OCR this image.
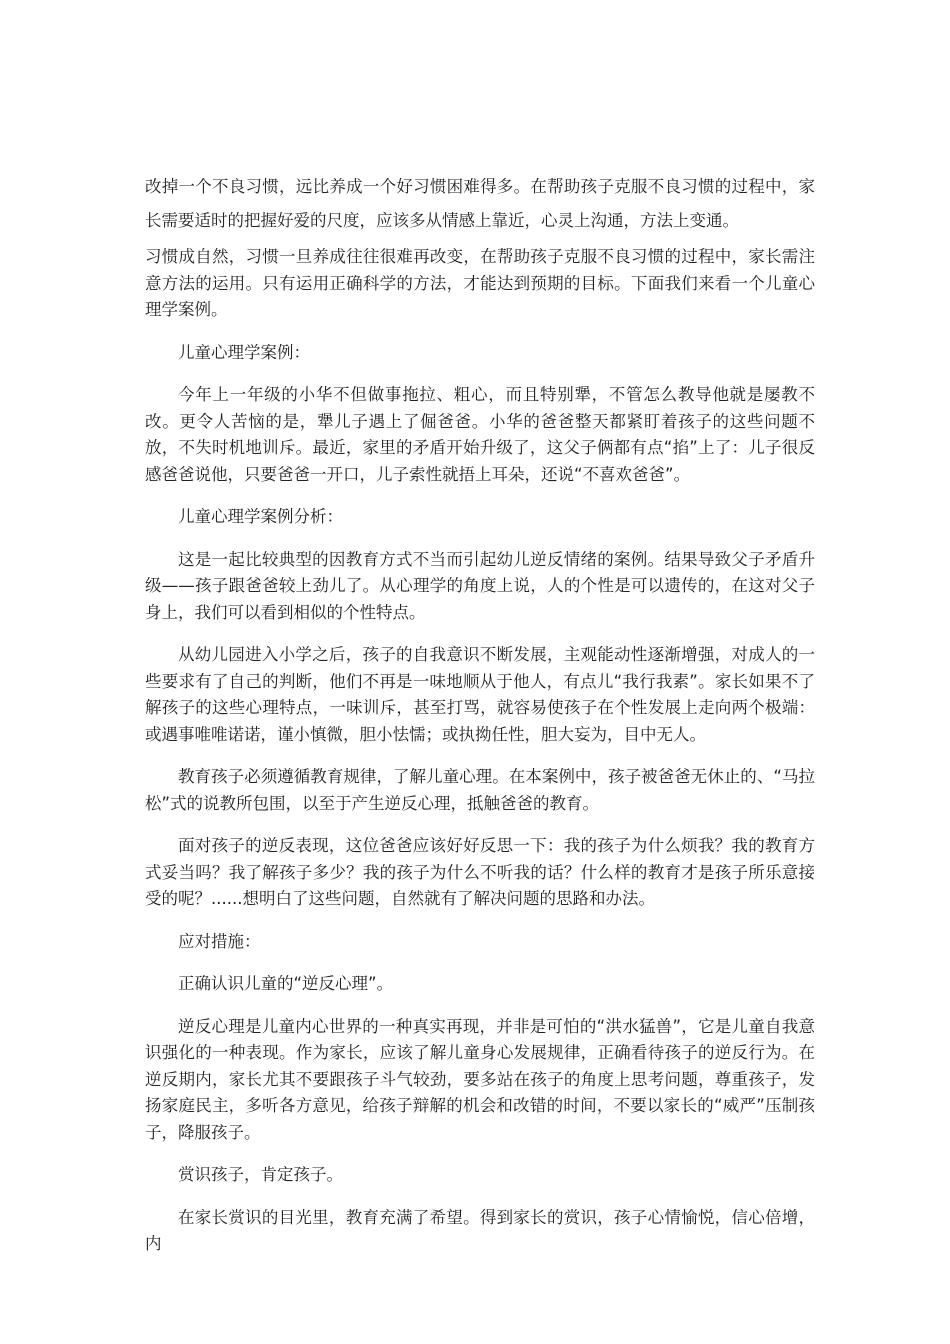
改掉一个不良习惯，远比养成一个好习惯困难得多。在帮助孩子克服不良习惯的过程中，家长需要适时的把握好爱的尺度，应该多从情感上靠近，心灵上沟通，方法上变通。

习惯成自然，习惯一旦养成往往很难再改变，在帮助孩子克服不良习惯的过程中，家长需注意方法的运用。只有运用正确科学的方法，才能达到预期的目标。下面我们来看一个儿童心理学案例。

儿童心理学案例：

今年上一年级的小华不但做事拖拉、粗心，而且特别犟，不管怎么教导他就是屡教不改。更令人苦恼的是，犟儿子遇上了倔爸爸。小华的爸爸整天都紧盯着孩子的这些问题不放，不失时机地训斥。最近，家里的矛盾开始升级了，这父子俩都有点“掐”上了：儿子很反感爸爸说他，只要爸爸一开口，儿子索性就捂上耳朵，还说“不喜欢爸爸”。

儿童心理学案例分析：

这是一起比较典型的因教育方式不当而引起幼儿逆反情绪的案例。结果导致父子矛盾升级——孩子跟爸爸较上劲儿了。从心理学的角度上说，人的个性是可以遗传的，在这对父子身上，我们可以看到相似的个性特点。

从幼儿园进入小学之后，孩子的自我意识不断发展，主观能动性逐渐增强，对成人的一些要求有了自己的判断，他们不再是一味地顺从于他人，有点儿“我行我素”。家长如果不了解孩子的这些心理特点，一味训斥，甚至打骂，就容易使孩子在个性发展上走向两个极端：或遇事唯唯诺诺，谨小慎微，胆小怯懦；或执拗任性，胆大妄为，目中无人。

教育孩子必须遵循教育规律，了解儿童心理。在本案例中，孩子被爸爸无休止的、“马拉松”式的说教所包围，以至于产生逆反心理，抵触爸爸的教育。

面对孩子的逆反表现，这位爸爸应该好好反思一下：我的孩子为什么烦我？我的教育方式妥当吗？我了解孩子多少？我的孩子为什么不听我的话？什么样的教育才是孩子所乐意接受的呢？......想明白了这些问题，自然就有了解决问题的思路和办法。

应对措施：

正确认识儿童的“逆反心理”。

逆反心理是儿童内心世界的一种真实再现，并非是可怕的“洪水猛兽”，它是儿童自我意识强化的一种表现。作为家长，应该了解儿童身心发展规律，正确看待孩子的逆反行为。在逆反期内，家长尤其不要跟孩子斗气较劲，要多站在孩子的角度上思考问题，尊重孩子，发扬家庭民主，多听各方意见，给孩子辩解的机会和改错的时间，不要以家长的“威严”压制孩子，降服孩子。

赏识孩子，肯定孩子。

在家长赏识的目光里，教育充满了希望。得到家长的赏识，孩子心情愉悦，信心倍增，内
